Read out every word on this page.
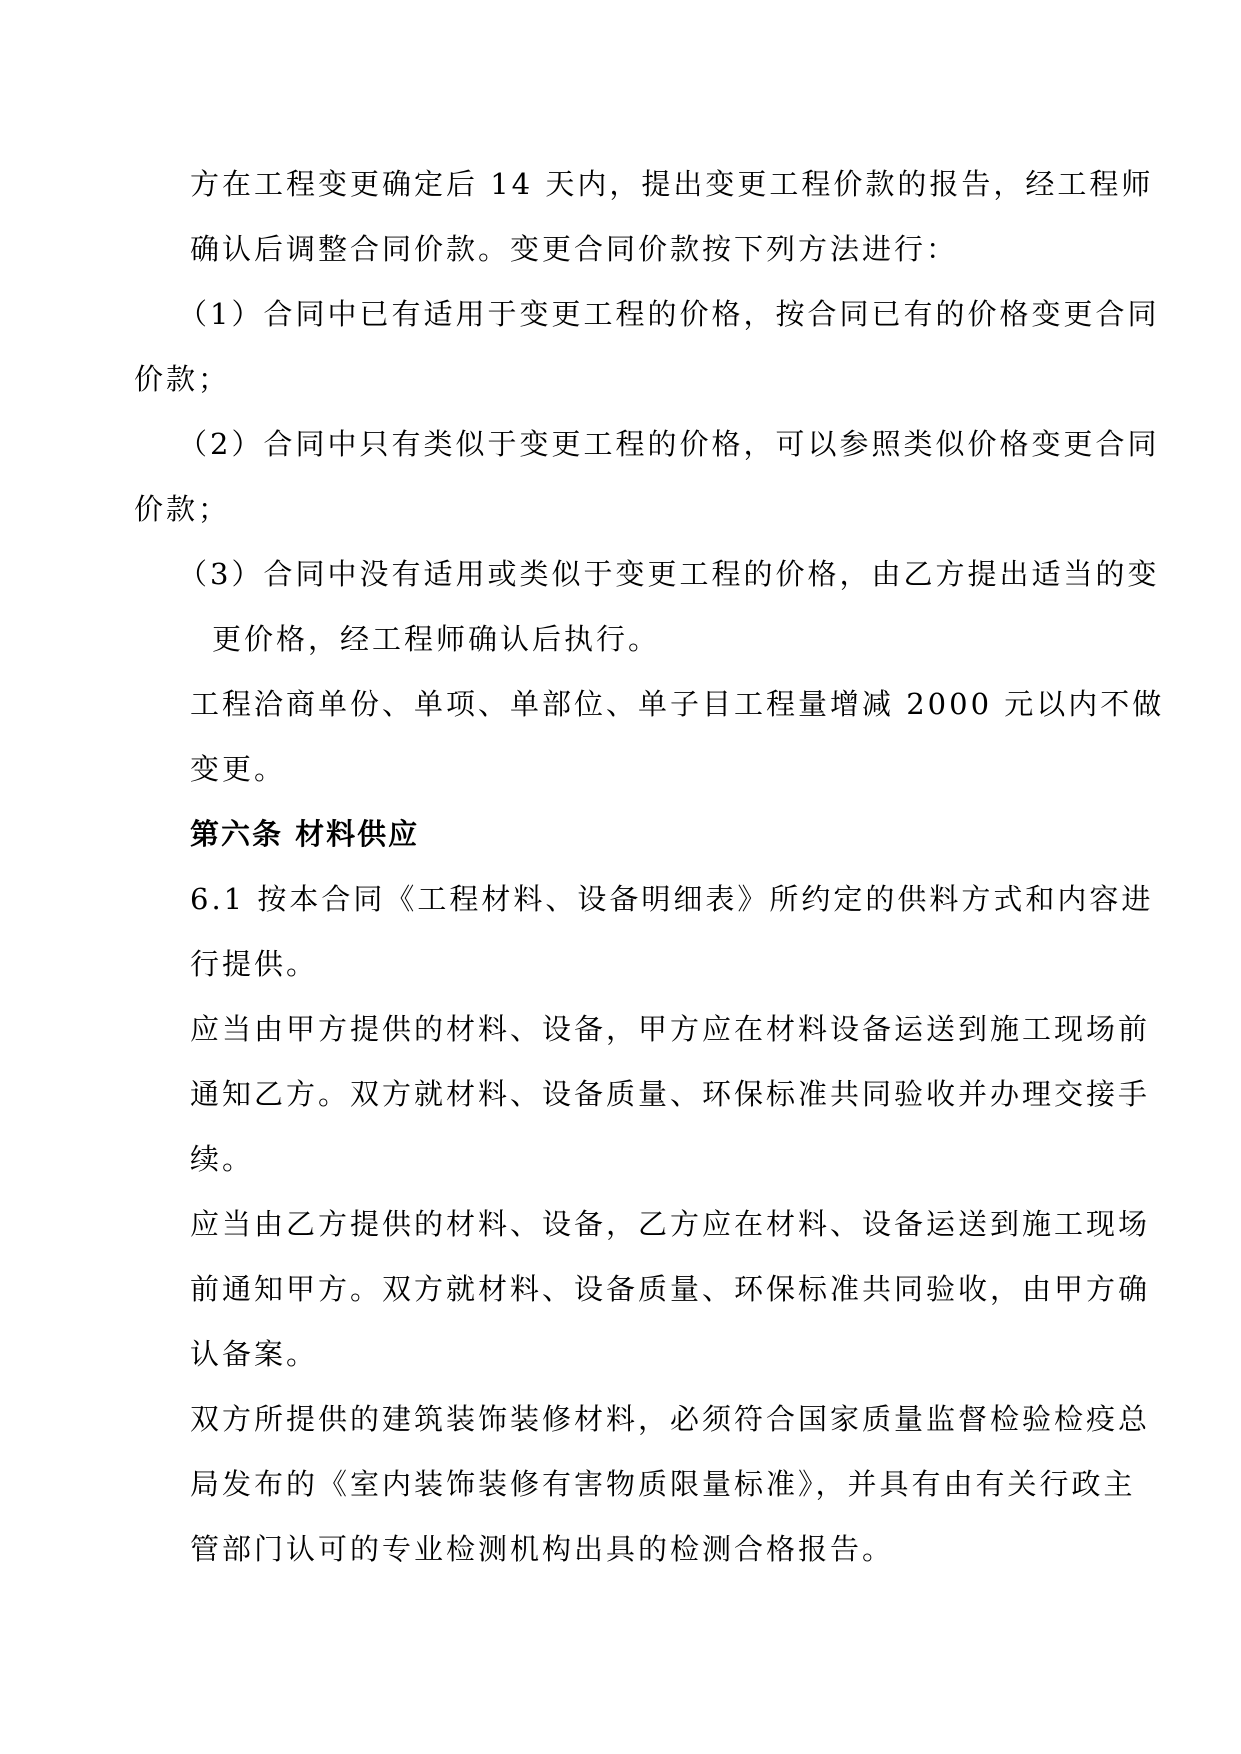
方在工程变更确定后 14 天内，提出变更工程价款的报告，经工程师
确认后调整合同价款。变更合同价款按下列方法进行：
（1）合同中已有适用于变更工程的价格，按合同已有的价格变更合同
价款；
（2）合同中只有类似于变更工程的价格，可以参照类似价格变更合同
价款；
（3）合同中没有适用或类似于变更工程的价格，由乙方提出适当的变
更价格，经工程师确认后执行。
工程洽商单份、单项、单部位、单子目工程量增减 2000 元以内不做
变更。
第六条 材料供应
6.1 按本合同《工程材料、设备明细表》所约定的供料方式和内容进
行提供。
应当由甲方提供的材料、设备，甲方应在材料设备运送到施工现场前
通知乙方。双方就材料、设备质量、环保标准共同验收并办理交接手
续。
应当由乙方提供的材料、设备，乙方应在材料、设备运送到施工现场
前通知甲方。双方就材料、设备质量、环保标准共同验收，由甲方确
认备案。
双方所提供的建筑装饰装修材料，必须符合国家质量监督检验检疫总
局发布的《室内装饰装修有害物质限量标准》，并具有由有关行政主
管部门认可的专业检测机构出具的检测合格报告。
